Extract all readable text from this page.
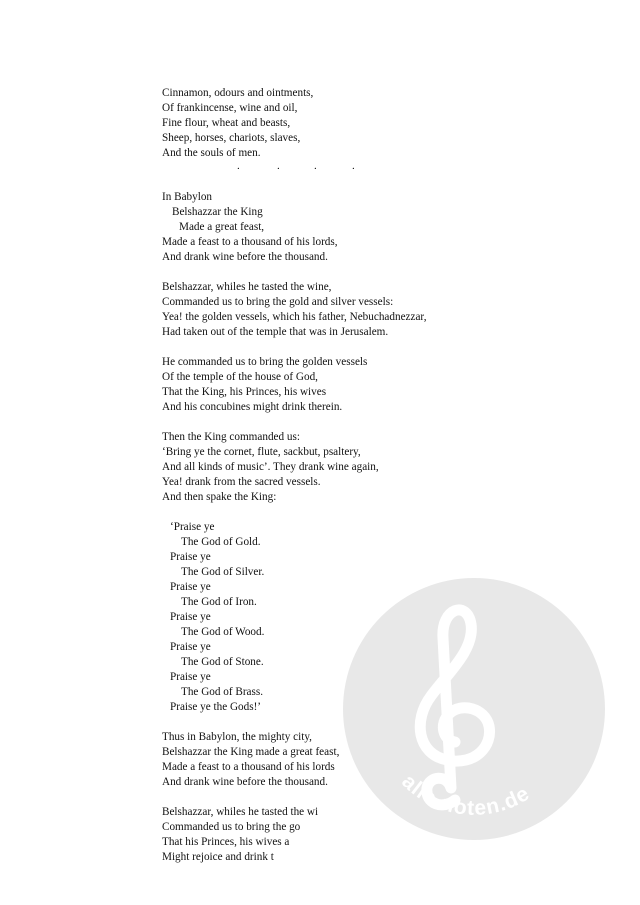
Cinnamon, odours and ointments,
Of frankincense, wine and oil,
Fine flour, wheat and beasts,
Sheep, horses, chariots, slaves,
And the souls of men.
.	.	.	.
In Babylon
Belshazzar the King
Made a great feast,
Made a feast to a thousand of his lords,
And drank wine before the thousand.
Belshazzar, whiles he tasted the wine,
Commanded us to bring the gold and silver vessels:
Yea! the golden vessels, which his father, Nebuchadnezzar,
Had taken out of the temple that was in Jerusalem.
He commanded us to bring the golden vessels
Of the temple of the house of God,
That the King, his Princes, his wives
And his concubines might drink therein.
Then the King commanded us:
‘Bring ye the cornet, flute, sackbut, psaltery,
And all kinds of music’. They drank wine again,
Yea! drank from the sacred vessels.
And then spake the King:
‘Praise ye
The God of Gold.
Praise ye
The God of Silver.
Praise ye
The God of Iron.
Praise ye
The God of Wood.
Praise ye
The God of Stone.
Praise ye
The God of Brass.
Praise ye the Gods!’
Thus in Babylon, the mighty city,
Belshazzar the King made a great feast,
Made a feast to a thousand of his lords
And drank wine before the thousand.
Belshazzar, whiles he tasted the wi
Commanded us to bring the go
That his Princes, his wives a
Might rejoice and drink t
alle-noten.de
